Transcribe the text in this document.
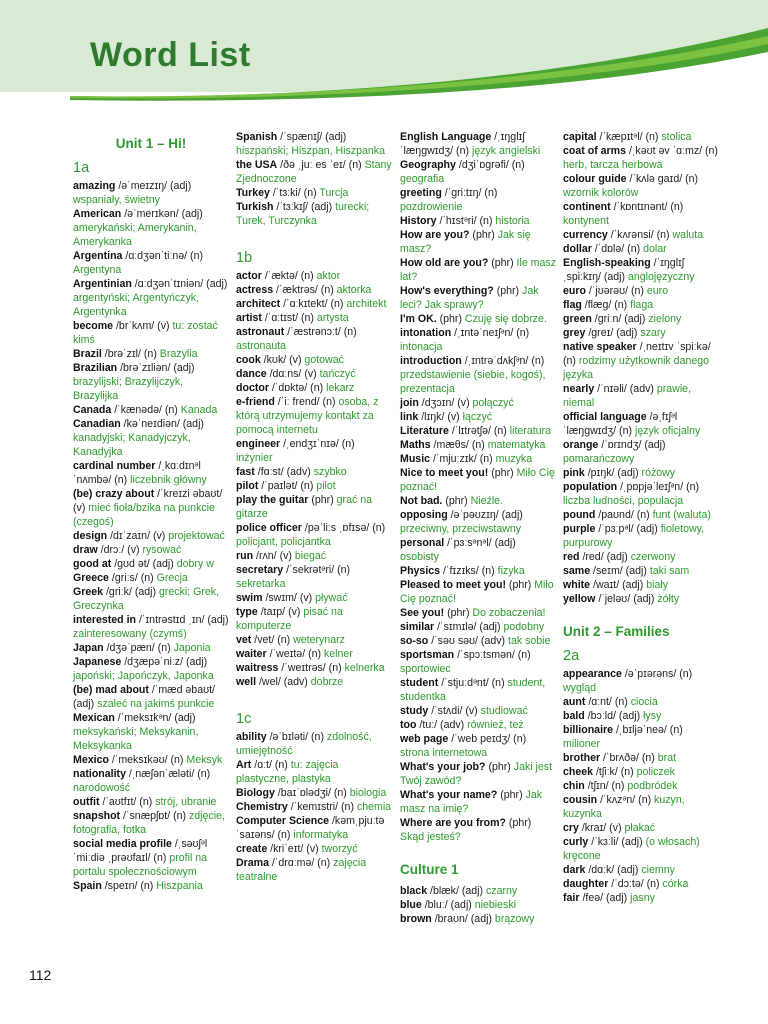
Word List
Unit 1 – Hi!
1a
amazing /əˈmeɪzɪŋ/ (adj) wspaniały, świetny
American /əˈmerɪkən/ (adj) amerykański; Amerykanin, Amerykanka
Argentina /ɑːdʒənˈtiːnə/ (n) Argentyna
Argentinian /ɑːdʒənˈtɪniən/ (adj) argentyński; Argentyńczyk, Argentynka
become /brˈkʌm/ (v) tu: zostać kimś
Brazil /brəˈzɪl/ (n) Brazylia
Brazilian /brəˈzɪliən/ (adj) brazylijski; Brazylijczyk, Brazylijka
Canada /ˈkænədə/ (n) Kanada
Canadian /kəˈneɪdiən/ (adj) kanadyjski; Kanadyjczyk, Kanadyjka
cardinal number /ˌkɑːdɪnᵊl ˈnʌmbə/ (n) liczebnik główny
(be) crazy about /ˈkreɪzi əbaʊt/ (v) mieć fioła/bzika na punkcie (czegoś)
design /dɪˈzaɪn/ (v) projektować
draw /drɔː/ (v) rysować
good at /ɡʊd ət/ (adj) dobry w
Greece /ɡriːs/ (n) Grecja
Greek /ɡriːk/ (adj) grecki; Grek, Greczynka
interested in /ˈɪntrəstɪd ˌɪn/ (adj) zainteresowany (czymś)
Japan /dʒəˈpæn/ (n) Japonia
Japanese /dʒæpəˈniːz/ (adj) japoński; Japończyk, Japonka
(be) mad about /ˈmæd əbaʊt/ (adj) szaleć na jakimś punkcie
Mexican /ˈmeksɪkᵊn/ (adj) meksykański; Meksykanin, Meksykanka
Mexico /ˈmeksɪkəʊ/ (n) Meksyk
nationality /ˌnæʃənˈæləti/ (n) narodowość
outfit /ˈaʊtfɪt/ (n) strój, ubranie
snapshot /ˈsnæpʃɒt/ (n) zdjęcie, fotografia, fotka
social media profile /ˌsəʊʃᵊl ˈmiːdiə ˌprəʊfaɪl/ (n) profil na portalu społecznościowym
Spain /speɪn/ (n) Hiszpania
Spanish /ˈspænɪʃ/ (adj) hiszpański; Hiszpan, Hiszpanka
the USA /ðə ˌjuː es ˈeɪ/ (n) Stany Zjednoczone
Turkey /ˈtɜːki/ (n) Turcja
Turkish /ˈtɜːkɪʃ/ (adj) turecki; Turek, Turczynka
1b
actor /ˈæktə/ (n) aktor
actress /ˈæktrəs/ (n) aktorka
architect /ˈɑːkɪtekt/ (n) architekt
artist /ˈɑːtɪst/ (n) artysta
astronaut /ˈæstrənɔːt/ (n) astronauta
cook /kʊk/ (v) gotować
dance /dɑːns/ (v) tańczyć
doctor /ˈdɒktə/ (n) lekarz
e-friend /ˈiː frend/ (n) osoba, z którą utrzymujemy kontakt za pomocą internetu
engineer /ˌendʒɪˈnɪə/ (n) inżynier
fast /fɑːst/ (adv) szybko
pilot /ˈpaɪlət/ (n) pilot
play the guitar (phr) grać na gitarze
police officer /pəˈliːs ˌɒfɪsə/ (n) policjant, policjantka
run /rʌn/ (v) biegać
secretary /ˈsekrətᵊri/ (n) sekretarka
swim /swɪm/ (v) pływać
type /taɪp/ (v) pisać na komputerze
vet /vet/ (n) weterynarz
waiter /ˈweɪtə/ (n) kelner
waitress /ˈweɪtrəs/ (n) kelnerka
well /wel/ (adv) dobrze
1c
ability /əˈbɪləti/ (n) zdolność, umiejętność
Art /ɑːt/ (n) tu: zajęcia plastyczne, plastyka
Biology /baɪˈɒlədʒi/ (n) biologia
Chemistry /ˈkemɪstri/ (n) chemia
Computer Science /kəmˌpjuːtə ˈsaɪəns/ (n) informatyka
create /kriˈeɪt/ (v) tworzyć
Drama /ˈdrɑːmə/ (n) zajęcia teatralne
English Language /ˌɪŋɡlɪʃ ˈlæŋɡwɪdʒ/ (n) język angielski
Geography /dʒiˈɒɡrəfi/ (n) geografia
greeting /ˈɡriːtɪŋ/ (n) pozdrowienie
History /ˈhɪstᵊri/ (n) historia
How are you? (phr) Jak się masz?
How old are you? (phr) Ile masz lat?
How's everything? (phr) Jak leci? Jak sprawy?
I'm OK. (phr) Czuję się dobrze.
intonation /ˌɪntəˈneɪʃᵊn/ (n) intonacja
introduction /ˌɪntrəˈdʌkʃᵊn/ (n) przedstawienie (siebie, kogoś), prezentacja
join /dʒɔɪn/ (v) połączyć
link /lɪŋk/ (v) łączyć
Literature /ˈlɪtrətʃə/ (n) literatura
Maths /mæθs/ (n) matematyka
Music /ˈmjuːzɪk/ (n) muzyka
Nice to meet you! (phr) Miło Cię poznać!
Not bad. (phr) Nieźle.
opposing /əˈpəʊzɪŋ/ (adj) przeciwny, przeciwstawny
personal /ˈpɜːsᵊnᵊl/ (adj) osobisty
Physics /ˈfɪzɪks/ (n) fizyka
Pleased to meet you! (phr) Miło Cię poznać!
See you! (phr) Do zobaczenia!
similar /ˈsɪmɪlə/ (adj) podobny
so-so /ˈsəʊ səʊ/ (adv) tak sobie
sportsman /ˈspɔːtsmən/ (n) sportowiec
student /ˈstjuːdᵊnt/ (n) student, studentka
study /ˈstʌdi/ (v) studiować
too /tuː/ (adv) również, też
web page /ˈweb peɪdʒ/ (n) strona internetowa
What's your job? (phr) Jaki jest Twój zawód?
What's your name? (phr) Jak masz na imię?
Where are you from? (phr) Skąd jesteś?
Culture 1
black /blæk/ (adj) czarny
blue /bluː/ (adj) niebieski
brown /braʊn/ (adj) brązowy
capital /ˈkæpɪtᵊl/ (n) stolica
coat of arms /ˌkəʊt əv ˈɑːmz/ (n) herb, tarcza herbowa
colour guide /ˈkʌlə ɡaɪd/ (n) wzornik kolorów
continent /ˈkɒntɪnənt/ (n) kontynent
currency /ˈkʌrənsi/ (n) waluta
dollar /ˈdɒlə/ (n) dolar
English-speaking /ˈɪŋɡlɪʃ ˌspiːkɪŋ/ (adj) anglojęzyczny
euro /ˈjʊərəʊ/ (n) euro
flag /flæɡ/ (n) flaga
green /ɡriːn/ (adj) zielony
grey /ɡreɪ/ (adj) szary
native speaker /ˌneɪtɪv ˈspiːkə/ (n) rodzimy użytkownik danego języka
nearly /ˈnɪəli/ (adv) prawie, niemal
official language /əˌfɪʃᵊl ˈlæŋɡwɪdʒ/ (n) język oficjalny
orange /ˈɒrɪndʒ/ (adj) pomarańczowy
pink /pɪŋk/ (adj) różowy
population /ˌpɒpjəˈleɪʃᵊn/ (n) liczba ludności, populacja
pound /paʊnd/ (n) funt (waluta)
purple /ˈpɜːpᵊl/ (adj) fioletowy, purpurowy
red /red/ (adj) czerwony
same /seɪm/ (adj) taki sam
white /waɪt/ (adj) biały
yellow /ˈjeləʊ/ (adj) żółty
Unit 2 – Families
2a
appearance /əˈpɪərəns/ (n) wygląd
aunt /ɑːnt/ (n) ciocia
bald /bɔːld/ (adj) łysy
billionaire /ˌbɪljəˈneə/ (n) milioner
brother /ˈbrʌðə/ (n) brat
cheek /tʃiːk/ (n) policzek
chin /tʃɪn/ (n) podbródek
cousin /ˈkʌzᵊn/ (n) kuzyn, kuzynka
cry /kraɪ/ (v) płakać
curly /ˈkɜːli/ (adj) (o włosach) kręcone
dark /dɑːk/ (adj) ciemny
daughter /ˈdɔːtə/ (n) córka
fair /feə/ (adj) jasny
112
